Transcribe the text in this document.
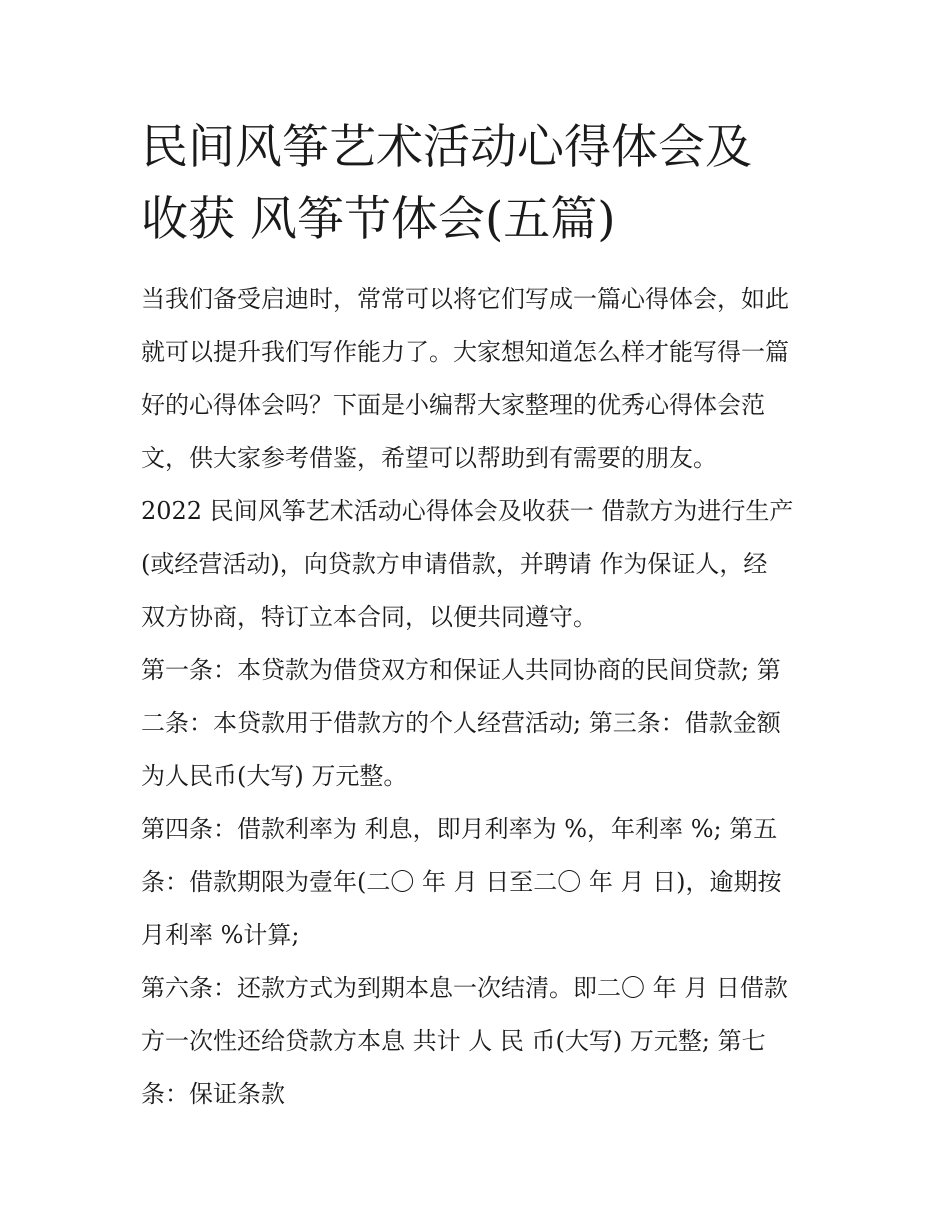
民间风筝艺术活动心得体会及
收获 风筝节体会(五篇)

当我们备受启迪时，常常可以将它们写成一篇心得体会，如此

就可以提升我们写作能力了。大家想知道怎么样才能写得一篇

好的心得体会吗？下面是小编帮大家整理的优秀心得体会范

文，供大家参考借鉴，希望可以帮助到有需要的朋友。

2022 民间风筝艺术活动心得体会及收获一 借款方为进行生产

(或经营活动)，向贷款方申请借款，并聘请 作为保证人，经

双方协商，特订立本合同，以便共同遵守。

第一条：本贷款为借贷双方和保证人共同协商的民间贷款; 第

二条：本贷款用于借款方的个人经营活动; 第三条：借款金额

为人民币(大写) 万元整。

第四条：借款利率为 利息，即月利率为 %，年利率 %; 第五

条：借款期限为壹年(二〇 年 月 日至二〇 年 月 日)，逾期按

月利率 %计算;

第六条：还款方式为到期本息一次结清。即二〇 年 月 日借款

方一次性还给贷款方本息 共计 人 民 币(大写) 万元整; 第七

条：保证条款
